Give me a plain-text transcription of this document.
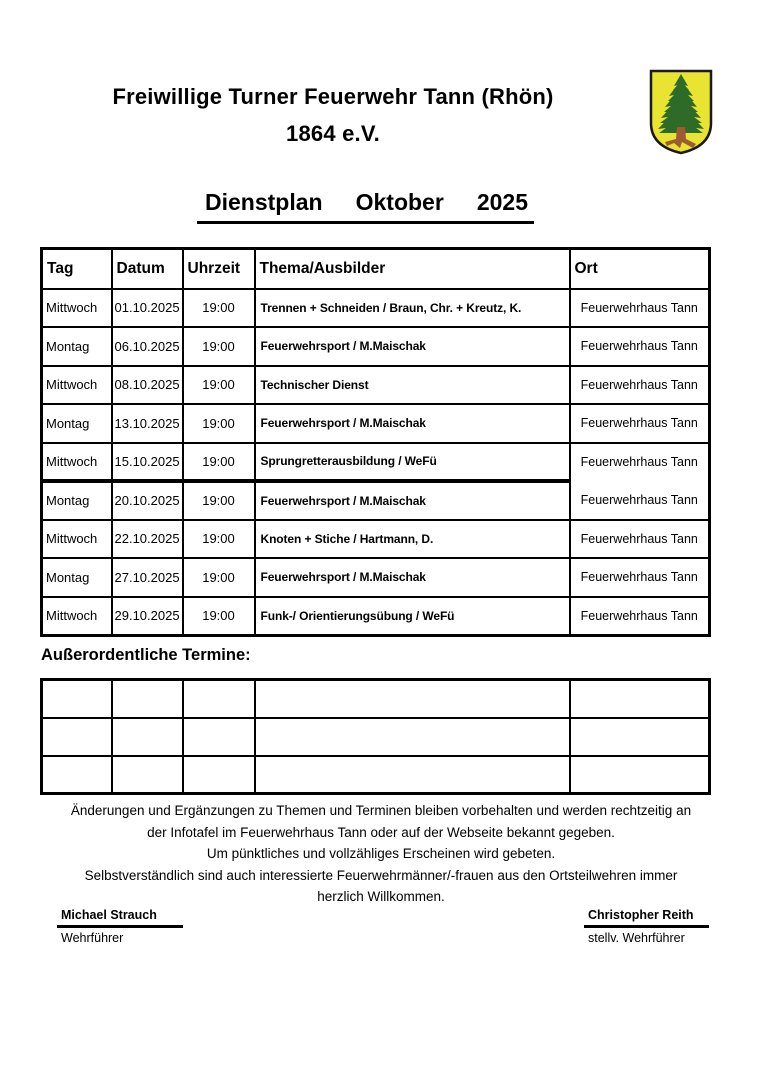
Freiwillige Turner Feuerwehr Tann (Rhön)
1864 e.V.
Dienstplan Oktober 2025
Tag	Datum	Uhrzeit	Thema/Ausbilder	Ort
Mittwoch	01.10.2025	19:00	Trennen + Schneiden / Braun, Chr. + Kreutz, K.	Feuerwehrhaus Tann
Montag	06.10.2025	19:00	Feuerwehrsport / M.Maischak	Feuerwehrhaus Tann
Mittwoch	08.10.2025	19:00	Technischer Dienst	Feuerwehrhaus Tann
Montag	13.10.2025	19:00	Feuerwehrsport / M.Maischak	Feuerwehrhaus Tann
Mittwoch	15.10.2025	19:00	Sprungretterausbildung / WeFü	Feuerwehrhaus Tann
Montag	20.10.2025	19:00	Feuerwehrsport / M.Maischak	Feuerwehrhaus Tann
Mittwoch	22.10.2025	19:00	Knoten + Stiche / Hartmann, D.	Feuerwehrhaus Tann
Montag	27.10.2025	19:00	Feuerwehrsport / M.Maischak	Feuerwehrhaus Tann
Mittwoch	29.10.2025	19:00	Funk-/ Orientierungsübung / WeFü	Feuerwehrhaus Tann
Außerordentliche Termine:

Änderungen und Ergänzungen zu Themen und Terminen bleiben vorbehalten und werden rechtzeitig an
der Infotafel im Feuerwehrhaus Tann oder auf der Webseite bekannt gegeben.
Um pünktliches und vollzähliges Erscheinen wird gebeten.
Selbstverständlich sind auch interessierte Feuerwehrmänner/-frauen aus den Ortsteilwehren immer
herzlich Willkommen.
Michael Strauch
Wehrführer
Christopher Reith
stellv. Wehrführer
